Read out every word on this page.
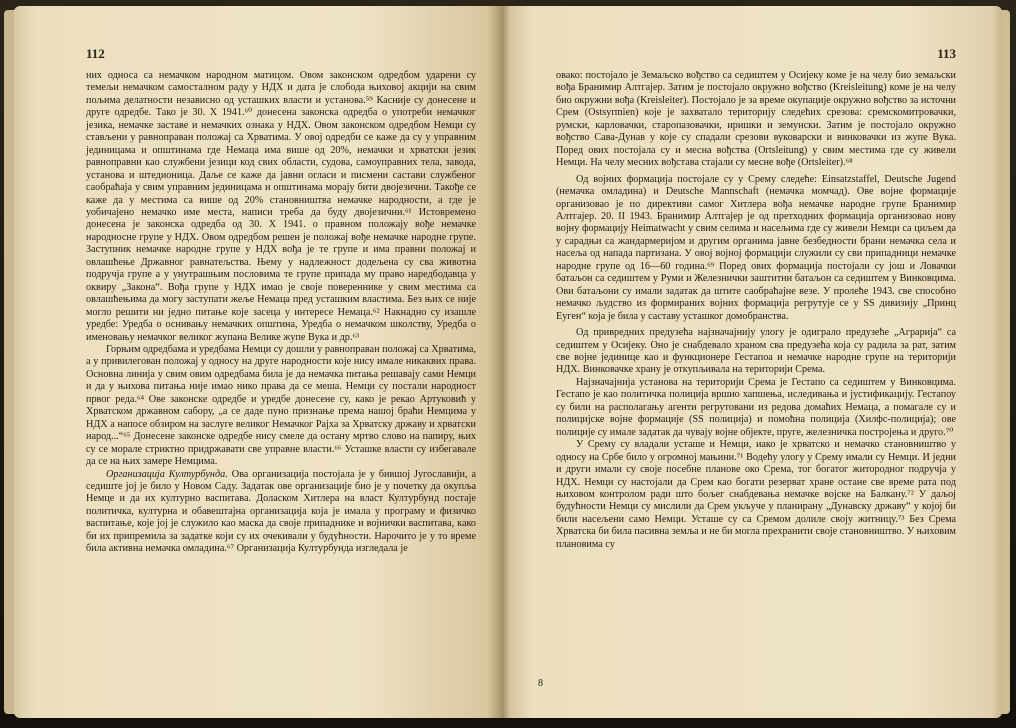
112

них односа са немачком народном матицом. Овом законском одредбом ударени су темељи немачком самосталном раду у НДХ и дата је слобода њиховој акцији на свим пољима делатности независно од усташких власти и установа.⁵⁹ Касније су донесене и друге одредбе. Тако је 30. X 1941.⁶⁰ донесена законска одредба о употреби немачког језика, немачке заставе и немачких ознака у НДХ. Овом законском одредбом Немци су стављени у равноправан положај са Хрватима. У овој одредби се каже да су у управним јединицама и општинама где Немаца има више од 20%, немачки и хрватски језик равноправни као службени језици код свих области, судова, самоуправних тела, завода, установа и штедионица. Даље се каже да јавни огласи и писмени састави службеног саобраћаја у свим управним јединицама и општинама морају бити двојезични. Такође се каже да у местима са више од 20% становништва немачке народности, а где је уобичајено немачко име места, написи треба да буду двојезични.⁶¹ Истовремено донесена је законска одредба од 30. X 1941. о правном положају вође немачке народносне групе у НДХ. Овом одредбом решен је положај вође немачке народне групе. Заступник немачке народне групе у НДХ вођа је те групе и има правни положај и овлашћење Државног равнатељства. Њему у надлежност додељена су сва животна подручја групе а у унутрашњим пословима те групе припада му право наредбодавца у оквиру „Закона“. Вођа групе у НДХ имао је своје повереннике у свим местима са овлашћењима да могу заступати жеље Немаца пред усташким властима. Без њих се није могло решити ни једно питање које засеца у интересе Немаца.⁶² Накнадно су изашле уредбе: Уредба о оснивању немачких општина, Уредба о немачком школству, Уредба о именовању немачког великог жупана Велике жупе Вука и др.⁶³

Горњим одредбама и уредбама Немци су дошли у равноправан положај са Хрватима, а у привилегован положај у односу на друге народности које нису имале никаквих права. Основна линија у свим овим одредбама била је да немачка питања решавају сами Немци и да у њихова питања није имао нико права да се меша. Немци су постали народност првог реда.⁶⁴ Ове законске одредбе и уредбе донесене су, како је рекао Артуковић у Хрватском државном сабору, „а се даде пуно признање према нашој браћи Немцима у НДХ а напосе обзиром на заслуге великог Немачког Рајха за Хрватску државу и хрватски народ...“⁶⁵ Донесене законске одредбе нису смеле да остану мртво слово на папиру, њих су се морале стриктно придржавати све управне власти.⁶⁶ Усташке власти су избегавале да се на њих замере Немцима.

Организација Културбунда. Ова организација постојала је у бившој Југославији, а седиште јој је било у Новом Саду. Задатак ове организације био је у почетку да окупља Немце и да их културно васпитава. Доласком Хитлера на власт Културбунд постаје политичка, културна и обавештајна организација која је имала у програму и физичко васпитање, које јој је служило као маска да своје припаднике и војнички васпитава, како би их припремила за задатке који су их очекивали у будућности. Нарочито је у то време била активна немачка омладина.⁶⁷ Организација Културбунда изгледала је

113

овако: постојало је Земаљско вођство са седиштем у Осијеку коме је на челу био земаљски вођа Бранимир Алтгајер. Затим је постојало окружно вођство (Kreisleitung) коме је на челу био окружни вођа (Kreisleiter). Постојало је за време окупације окружно вођство за источни Срем (Ostsyrmien) које је захватало територију следећих срезова: сремскомитровачки, румски, карловачки, старопазовачки, иришки и земунски. Затим је постојало окружно вођство Сава-Дунав у које су спадали срезови вуковарски и винковачки из жупе Вука. Поред ових постојала су и месна вођства (Ortsleitung) у свим местима где су живели Немци. На челу месних вођстава стајали су месне вође (Ortsleiter).⁶⁸

Од војних формација постојале су у Срему следеће: Einsatzstaffel, Deutsche Jugend (немачка омладина) и Deutsche Mannschaft (немачка момчад). Ове војне формације организовао је по директиви самог Хитлера вођа немачке народне групе Бранимир Алтгајер. 20. II 1943. Бранимир Алтгајер је од претходних формација организовао нову војну формацију Heimatwacht у свим селима и насељима где су живели Немци са циљем да у сарадњи са жандармеријом и другим органима јавне безбедности брани немачка села и насеља од напада партизана. У овој војној формацији служили су сви припадници немачке народне групе од 16—60 година.⁶⁹ Поред ових формација постојали су још и Ловачки батаљон са седиштем у Руми и Железнички заштитни батаљон са седиштем у Винковцима. Ови батаљони су имали задатак да штите саобраћајне везе. У пролеће 1943. све способно немачко људство из формираних војних формација регрутује се у SS дивизију „Принц Еуген“ која је била у саставу усташког домобранства.

Од привредних предузећа најзначајнију улогу је одиграло предузеће „Аграрија“ са седиштем у Осијеку. Оно је снабдевало храном сва предузећа која су радила за рат, затим све војне јединице као и функционере Гестапоа и немачке народне групе на територији НДХ. Винковачке храну је откупљивала на територији Срема.

Најзначајнија установа на територији Срема је Гестапо са седиштем у Винковцима. Гестапо је као политичка полиција вршио хапшења, иследивања и јустификацију. Гестапоу су били на располагању агенти регрутовани из редова домаћих Немаца, а помагале су и полицијске војне формације (SS полиција) и помоћна полиција (Хилфс-полиција); ове полиције су имале задатак да чувају војне објекте, пруге, железничка постројења и друго.⁷⁰

У Срему су владали усташе и Немци, иако је хрватско и немачко становништво у односу на Србе било у огромној мањини.⁷¹ Водећу улогу у Срему имали су Немци. И једни и други имали су своје посебне планове око Срема, тог богатог житородног подручја у НДХ. Немци су настојали да Срем као богати резерват хране остане све време рата под њиховом контролом ради што бољег снабдевања немачке војске на Балкану.⁷² У даљој будућности Немци су мислили да Срем укључе у планирану „Дунавску државу“ у којој би били насељени само Немци. Усташе су са Сремом долиле своју житницу.⁷³ Без Срема Хрватска би била пасивна земља и не би могла прехранити своје становништво. У њиховим плановима су

8
